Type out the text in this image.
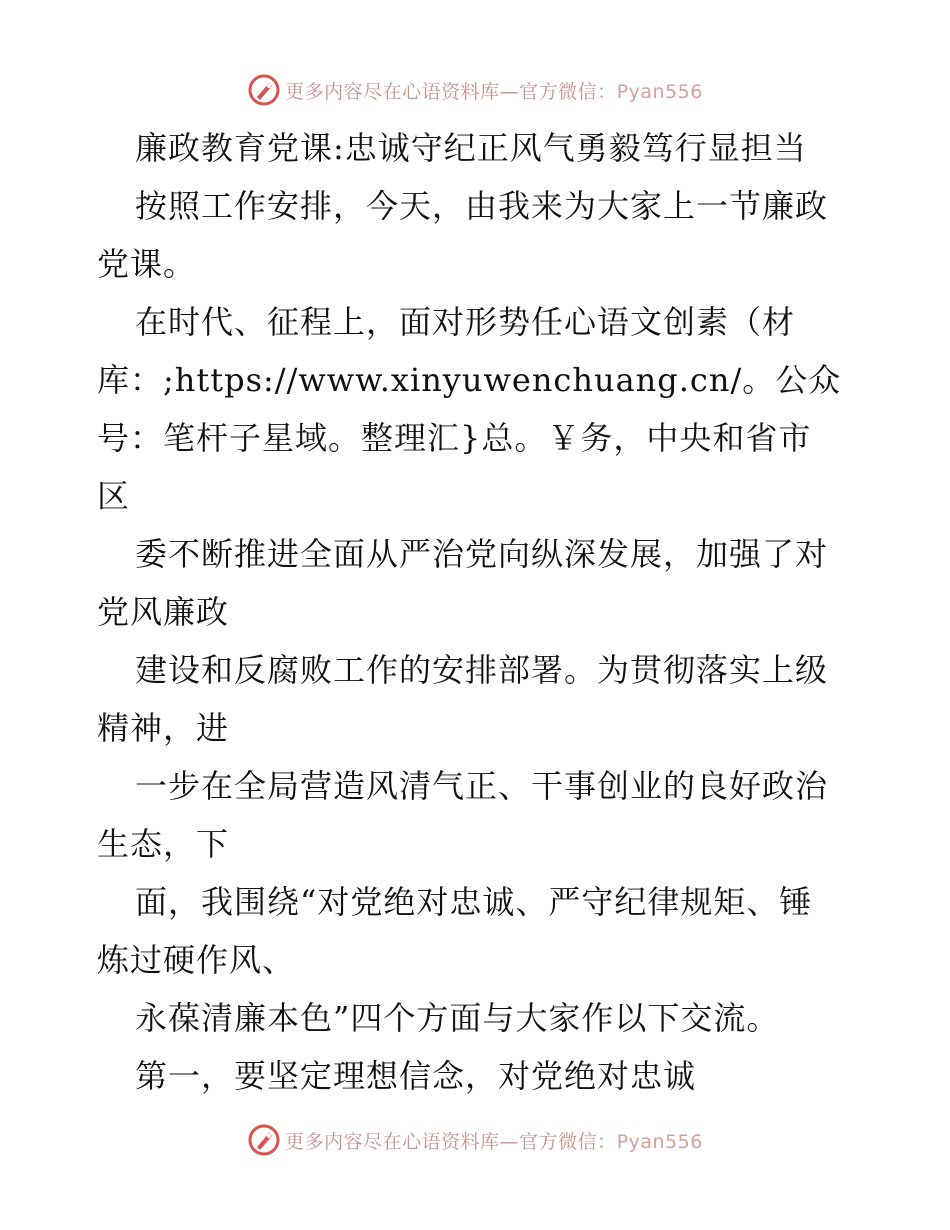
更多内容尽在心语资料库—官方微信：Pyan556
廉政教育党课:忠诚守纪正风气勇毅笃行显担当
按照工作安排，今天，由我来为大家上一节廉政
党课。
在时代、征程上，面对形势任心语文创素（材
库：;https://www.xinyuwenchuang.cn/。公众
号：笔杆子星域。整理汇}总。￥务，中央和省市
区
委不断推进全面从严治党向纵深发展，加强了对
党风廉政
建设和反腐败工作的安排部署。为贯彻落实上级
精神，进
一步在全局营造风清气正、干事创业的良好政治
生态，下
面，我围绕“对党绝对忠诚、严守纪律规矩、锤
炼过硬作风、
永葆清廉本色”四个方面与大家作以下交流。
第一，要坚定理想信念，对党绝对忠诚
更多内容尽在心语资料库—官方微信：Pyan556
